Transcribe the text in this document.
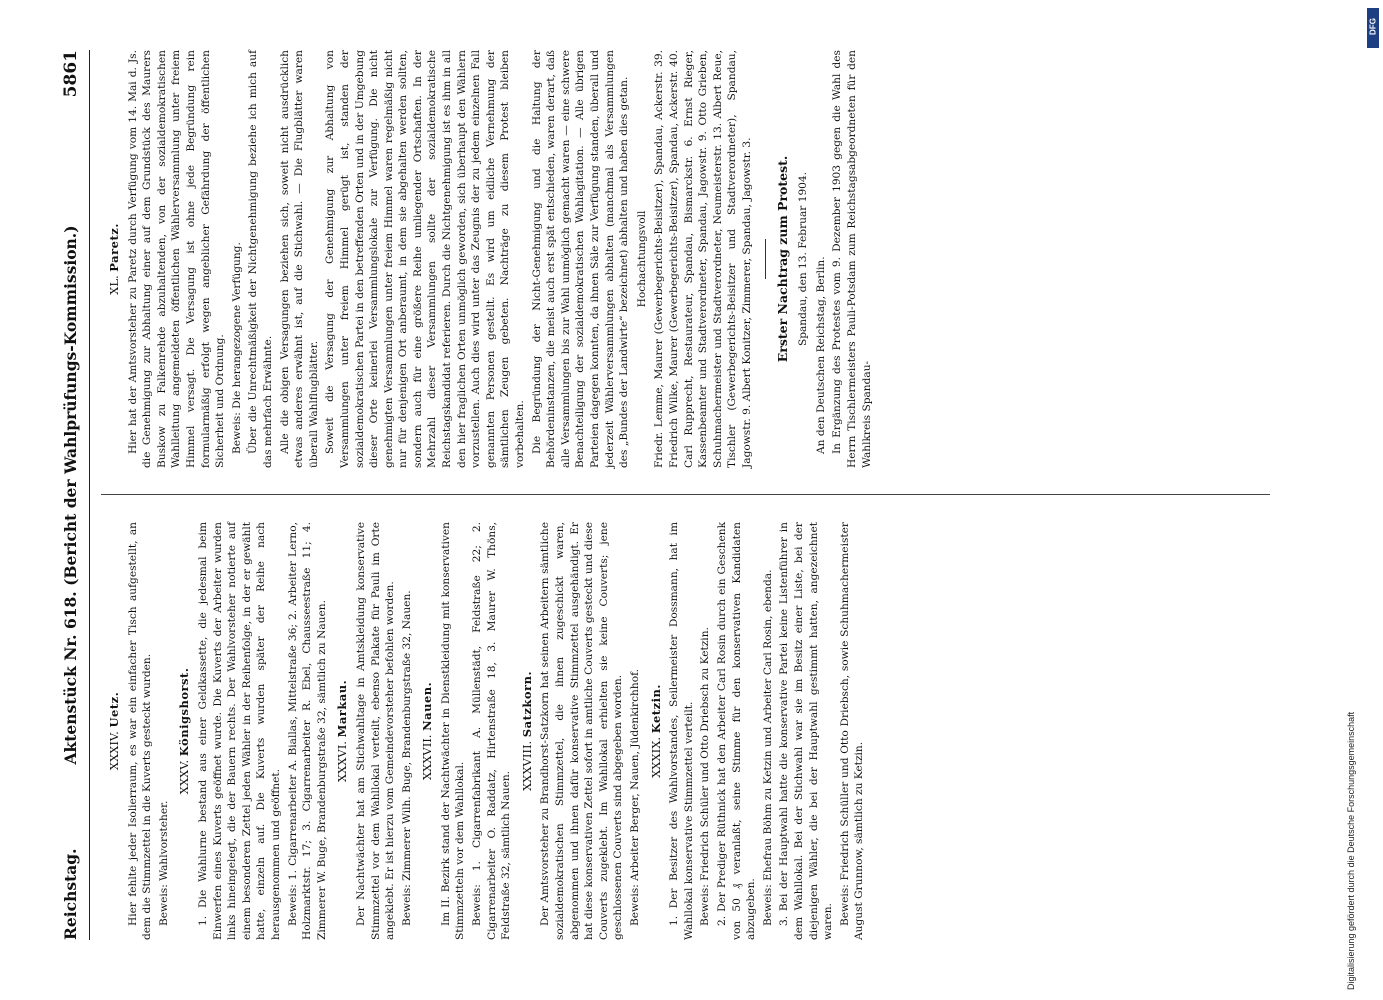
Reichstag.
Aktenstück Nr. 618. (Bericht der Wahlprüfungs-Kommission.)
5861
XXXIV. Uetz. Hier fehlte jeder Isolierraum, es war ein einfacher Tisch aufgestellt, an dem die Stimmzettel in die Kuverts gesteckt wurden. Beweis: Wahlvorsteher.

XXXV. Königshorst. 1. Die Wahlurne bestand aus einer Geldkassette, die jedesmal beim Einwerfen eines Kuverts geöffnet wurde. Die Kuverts der Arbeiter wurden links hineingelegt, die der Bauern rechts. Der Wahlvorsteher notierte auf einem besonderen Zettel jeden Wähler in der Reihenfolge, in der er gewählt hatte, einzeln auf. Die Kuverts wurden später der Reihe nach herausgenommen und geöffnet. Beweis: 1. Cigarrenarbeiter A. Biallas, Mittelstraße 36; 2. Arbeiter Lerno, Holzmarktstr. 17; 3. Cigarrenarbeiter R. Ebel, Chausseestraße 11; 4. Zimmerer W. Buge, Brandenburgstraße 32, sämtlich zu Nauen. XXXVI. Markau. Der Nachtwächter hat am Stichwahltage in Amtskleidung konservative Stimmzettel vor dem Wahllokal verteilt, ebenso Plakate für Pauli im Orte angeklebt. Er ist hierzu vom Gemeindevorsteher befohlen worden. Beweis: Zimmerer Wilh. Buge, Brandenburgstraße 32, Nauen. XXXVII. Nauen. Im II. Bezirk stand der Nachtwächter in Dienstkleidung mit konservativen Stimmzetteln vor dem Wahllokal. Beweis: 1. Cigarrenfabrikant A. Müllenstädt, Feldstraße 22; 2. Cigarrenarbeiter O. Raddatz, Hirtenstraße 18, 3. Maurer W. Thöns, Feldstraße 32, sämtlich Nauen.

XXXVIII. Satzkorn. Der Amtsvorsteher zu Brandhorst-Satzkorn hat seinen Arbeitern sämtliche sozialdemokratischen Stimmzettel, die ihnen zugeschickt waren, abgenommen und ihnen dafür konservative Stimmzettel ausgehändigt. Er hat diese konservativen Zettel sofort in amtliche Couverts gesteckt und diese Couverts zugeklebt. Im Wahllokal erhielten sie keine Couverts; jene geschlossenen Couverts sind abgegeben worden. Beweis: Arbeiter Berger, Nauen, Jüdenkirchhof. XXXIX. Ketzin. 1. Der Besitzer des Wahlvorstandes, Seilermeister Dossmann, hat im Wahllokal konservative Stimmzettel verteilt. Beweis: Friedrich Schüler und Otto Driebsch zu Ketzin. 2. Der Prediger Rüthnick hat den Arbeiter Carl Rosin durch ein Geschenk von 50 ₰ veranlaßt, seine Stimme für den konservativen Kandidaten abzugeben. Beweis: Ehefrau Böhm zu Ketzin und Arbeiter Carl Rosin, ebenda. 3. Bei der Hauptwahl hatte die konservative Partei keine Listenführer in dem Wahllokal. Bei der Stichwahl war sie im Besitz einer Liste, bei der diejenigen Wähler, die bei der Hauptwahl gestimmt hatten, angezeichnet waren. Beweis: Friedrich Schüller und Otto Driebsch, sowie Schuhmachermeister August Grunnow, sämtlich zu Ketzin.

XL. Paretz. Hier hat der Amtsvorsteher zu Paretz durch Verfügung vom 14. Mai d. Js. die Genehmigung zur Abhaltung einer auf dem Grundstück des Maurers Buskow zu Falkenrehde abzuhaltenden, von der sozialdemokratischen Wahlleitung angemeldeten öffentlichen Wählerversammlung unter freiem Himmel versagt. Die Versagung ist ohne jede Begründung rein formularmäßig erfolgt wegen angeblicher Gefährdung der öffentlichen Sicherheit und Ordnung. Beweis: Die herangezogene Verfügung. Über die Unrechtmäßigkeit der Nichtgenehmigung beziehe ich mich auf das mehrfach Erwähnte. Alle die obigen Versagungen beziehen sich, soweit nicht ausdrücklich etwas anderes erwähnt ist, auf die Stichwahl. — Die Flugblätter waren überall Wahlflugblätter. Soweit die Versagung der Genehmigung zur Abhaltung von Versammlungen unter freiem Himmel gerügt ist, standen der sozialdemokratischen Partei in den betreffenden Orten und in der Umgebung dieser Orte keinerlei Versammlungslokale zur Verfügung. Die nicht genehmigten Versammlungen unter freiem Himmel waren regelmäßig nicht nur für denjenigen Ort anberaumt, in dem sie abgehalten werden sollten, sondern auch für eine größere Reihe umliegender Ortschaften. In der Mehrzahl dieser Versammlungen sollte der sozialdemokratische Reichstagskandidat referieren. Durch die Nichtgenehmigung ist es ihm in all den hier fraglichen Orten unmöglich geworden, sich überhaupt den Wählern vorzustellen. Auch dies wird unter das Zeugnis der zu jedem einzelnen Fall genannten Personen gestellt. Es wird um eidliche Vernehmung der sämtlichen Zeugen gebeten. Nachträge zu diesem Protest bleiben vorbehalten. Die Begründung der Nicht-Genehmigung und die Haltung der Behördeninstanzen, die meist auch erst spät entschieden, waren derart, daß alle Versammlungen bis zur Wahl unmöglich gemacht waren — eine schwere Benachteiligung der sozialdemokratischen Wahlagitation. — Alle übrigen Parteien dagegen konnten, da ihnen Säle zur Verfügung standen, überall und jederzeit Wählerversammlungen abhalten (manchmal als Versammlungen des „Bundes der Landwirte“ bezeichnet) abhalten und haben dies getan. Hochachtungsvoll Friedr. Lemme, Maurer (Gewerbegerichts-Beisitzer), Spandau, Ackerstr. 39. Friedrich Wilke, Maurer (Gewerbegerichts-Beisitzer), Spandau, Ackerstr. 40. Carl Rupprecht, Restaurateur, Spandau, Bismarckstr. 6. Ernst Rieger, Kassenbeamter und Stadtverordneter, Spandau, Jagowstr. 9. Otto Grieben, Schuhmachermeister und Stadtverordneter, Neumeisterstr. 13. Albert Reue, Tischler (Gewerbegerichts-Beisitzer und Stadtverordneter), Spandau, Jagowstr. 9. Albert Konitzer, Zimmerer, Spandau, Jagowstr. 3. Erster Nachtrag zum Protest. Spandau, den 13. Februar 1904. An den Deutschen Reichstag, Berlin. In Ergänzung des Protestes vom 9. Dezember 1903 gegen die Wahl des Herrn Tischlermeisters Pauli-Potsdam zum Reichstagsabgeordneten für den Wahlkreis Spandau-

Digitalisierung gefördert durch die Deutsche Forschungsgemeinschaft
DFG
